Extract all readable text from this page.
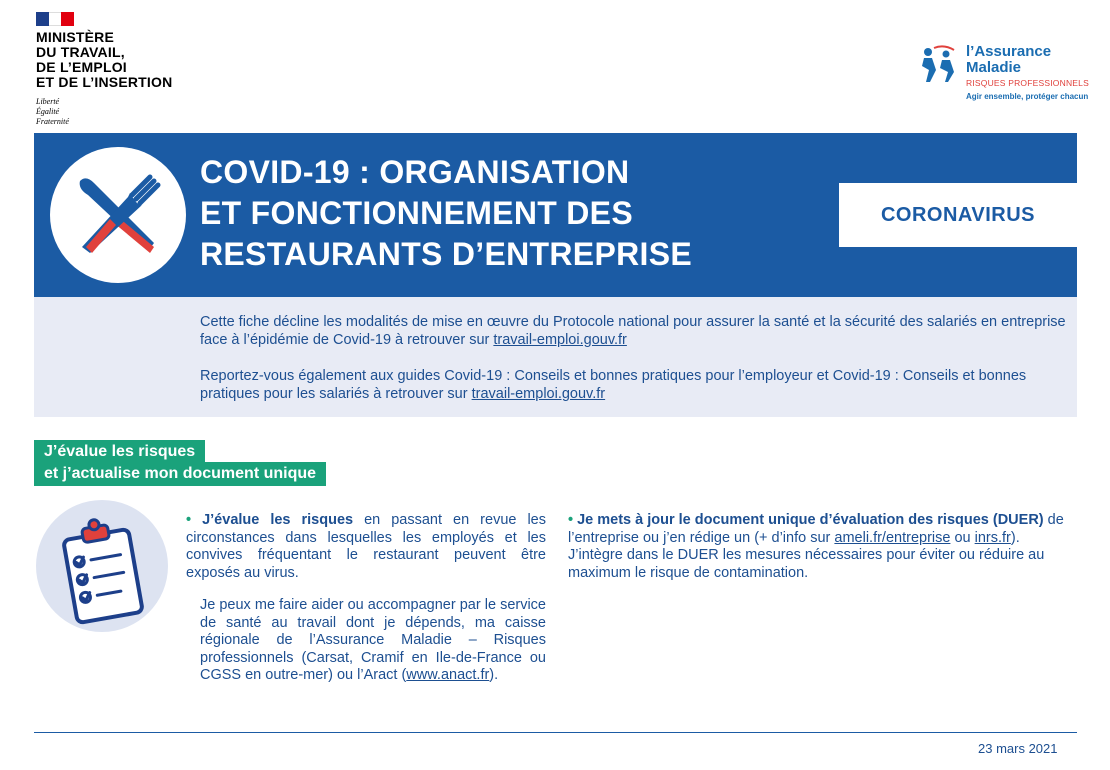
MINISTÈRE
DU TRAVAIL,
DE L’EMPLOI
ET DE L’INSERTION
Liberté
Égalité
Fraternité
l’Assurance
Maladie
RISQUES PROFESSIONNELS
Agir ensemble, protéger chacun
COVID-19 : ORGANISATION
ET FONCTIONNEMENT DES
RESTAURANTS D’ENTREPRISE
CORONAVIRUS

Cette fiche décline les modalités de mise en œuvre du Protocole national pour assurer la santé et la sécurité des salariés en entreprise face à l’épidémie de Covid-19 à retrouver sur travail-emploi.gouv.fr

Reportez-vous également aux guides Covid-19 : Conseils et bonnes pratiques pour l’employeur et Covid-19 : Conseils et bonnes pratiques pour les salariés à retrouver sur travail-emploi.gouv.fr

J’évalue les risques
et j’actualise mon document unique

• J’évalue les risques en passant en revue les circonstances dans lesquelles les employés et les convives fréquentant le restaurant peuvent être exposés au virus.

Je peux me faire aider ou accompagner par le service de santé au travail dont je dépends, ma caisse régionale de l’Assurance Maladie – Risques professionnels (Carsat, Cramif en Ile-de-France ou CGSS en outre-mer) ou l’Aract (www.anact.fr).

• Je mets à jour le document unique d’évaluation des risques (DUER) de l’entreprise ou j’en rédige un (+ d’info sur ameli.fr/entreprise ou inrs.fr). J’intègre dans le DUER les mesures nécessaires pour éviter ou réduire au maximum le risque de contamination.

23 mars 2021
